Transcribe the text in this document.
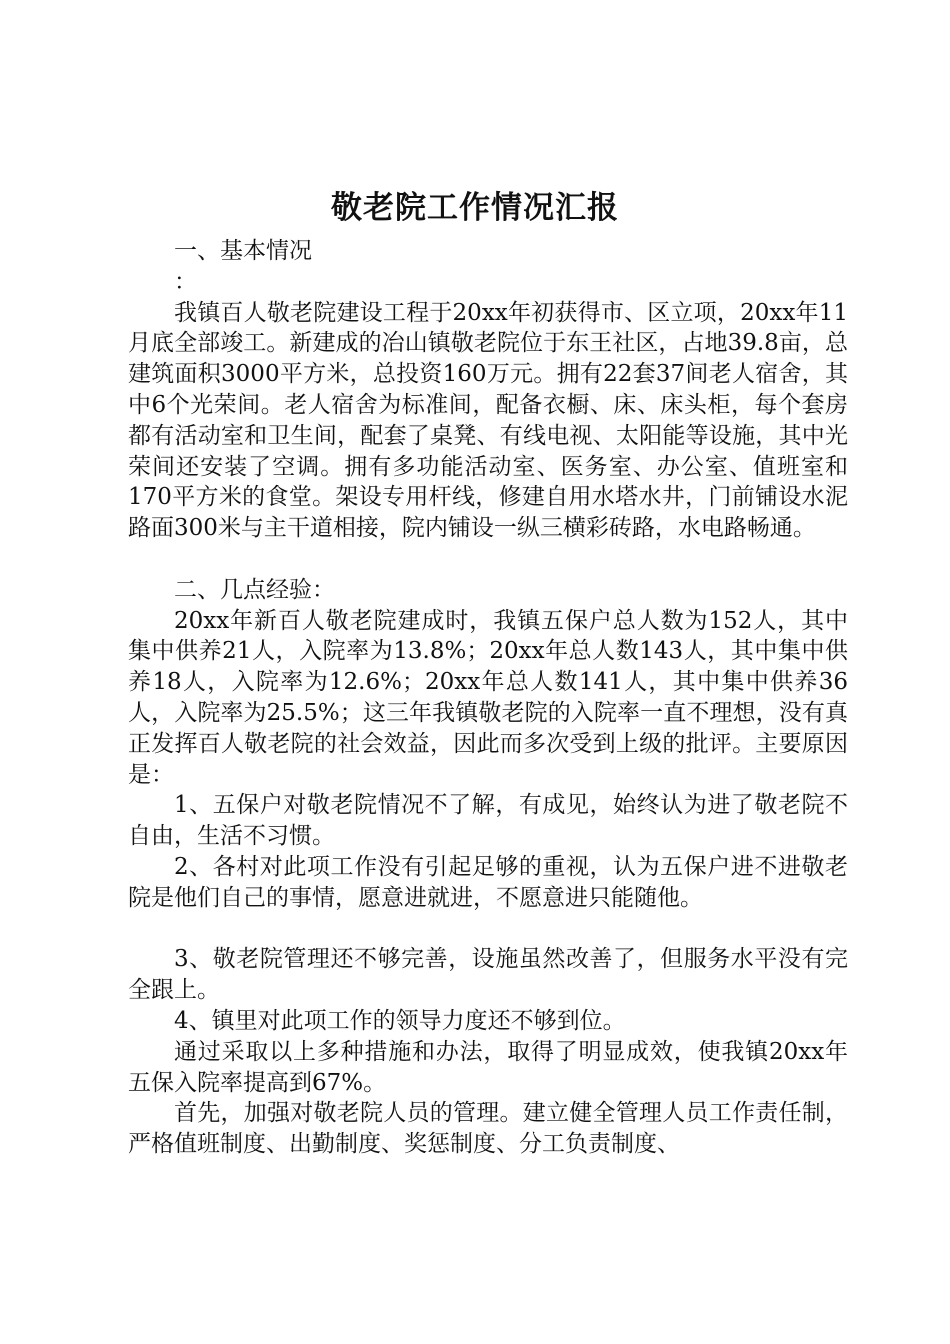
敬老院工作情况汇报

一、基本情况

：

我镇百人敬老院建设工程于20xx年初获得市、区立项，20xx年11月底全部竣工。新建成的冶山镇敬老院位于东王社区，占地39.8亩，总建筑面积3000平方米，总投资160万元。拥有22套37间老人宿舍，其中6个光荣间。老人宿舍为标准间，配备衣橱、床、床头柜，每个套房都有活动室和卫生间，配套了桌凳、有线电视、太阳能等设施，其中光荣间还安装了空调。拥有多功能活动室、医务室、办公室、值班室和170平方米的食堂。架设专用杆线，修建自用水塔水井，门前铺设水泥路面300米与主干道相接，院内铺设一纵三横彩砖路，水电路畅通。

二、几点经验：

20xx年新百人敬老院建成时，我镇五保户总人数为152人，其中集中供养21人，入院率为13.8%；20xx年总人数143人，其中集中供养18人，入院率为12.6%；20xx年总人数141人，其中集中供养36人，入院率为25.5%；这三年我镇敬老院的入院率一直不理想，没有真正发挥百人敬老院的社会效益，因此而多次受到上级的批评。主要原因是：

1、五保户对敬老院情况不了解，有成见，始终认为进了敬老院不自由，生活不习惯。

2、各村对此项工作没有引起足够的重视，认为五保户进不进敬老院是他们自己的事情，愿意进就进，不愿意进只能随他。

3、敬老院管理还不够完善，设施虽然改善了，但服务水平没有完全跟上。

4、镇里对此项工作的领导力度还不够到位。

通过采取以上多种措施和办法，取得了明显成效，使我镇20xx年五保入院率提高到67%。

首先，加强对敬老院人员的管理。建立健全管理人员工作责任制，严格值班制度、出勤制度、奖惩制度、分工负责制度、
